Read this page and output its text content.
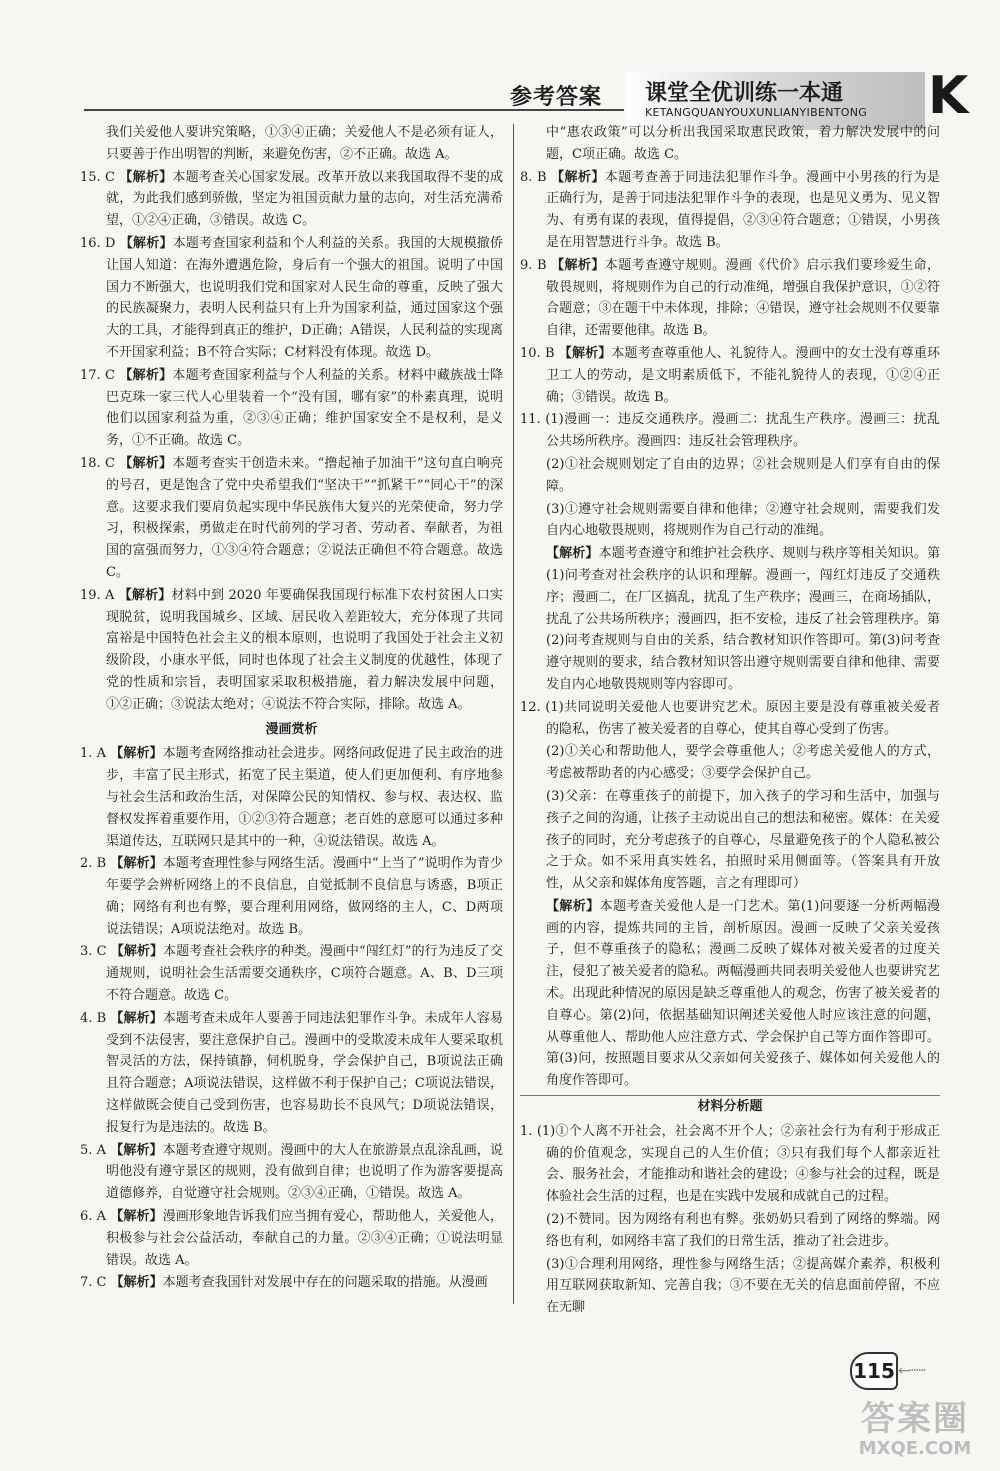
参考答案 课堂全优训练一本通
KETANGQUANYOUXUNLIANYIBENTONG K

我们关爱他人要讲究策略，①③④正确；关爱他人不是必须有证人，只要善于作出明智的判断，来避免伤害，②不正确。故选 A。

15. C 【解析】本题考查关心国家发展。改革开放以来我国取得不斐的成就，为此我们感到骄傲，坚定为祖国贡献力量的志向，对生活充满希望，①②④正确，③错误。故选 C。

16. D 【解析】本题考查国家利益和个人利益的关系。我国的大规模撤侨让国人知道：在海外遭遇危险，身后有一个强大的祖国。说明了中国国力不断强大，也说明我们党和国家对人民生命的尊重，反映了强大的民族凝聚力，表明人民利益只有上升为国家利益，通过国家这个强大的工具，才能得到真正的维护，D正确；A错误，人民利益的实现离不开国家利益；B不符合实际；C材料没有体现。故选 D。

17. C 【解析】本题考查国家利益与个人利益的关系。材料中藏族战士降巴克珠一家三代人心里装着一个“没有国，哪有家”的朴素真理，说明他们以国家利益为重，②③④正确；维护国家安全不是权利，是义务，①不正确。故选 C。

18. C 【解析】本题考查实干创造未来。“撸起袖子加油干”这句直白响亮的号召，更是饱含了党中央希望我们“坚决干”“抓紧干”“同心干”的深意。这要求我们要肩负起实现中华民族伟大复兴的光荣使命，努力学习，积极探索，勇做走在时代前列的学习者、劳动者、奉献者，为祖国的富强而努力，①③④符合题意；②说法正确但不符合题意。故选 C。

19. A 【解析】材料中到 2020 年要确保我国现行标准下农村贫困人口实现脱贫，说明我国城乡、区域、居民收入差距较大，充分体现了共同富裕是中国特色社会主义的根本原则，也说明了我国处于社会主义初级阶段，小康水平低，同时也体现了社会主义制度的优越性，体现了党的性质和宗旨，表明国家采取积极措施，着力解决发展中问题，①②正确；③说法太绝对；④说法不符合实际，排除。故选 A。

漫画赏析

1. A 【解析】本题考查网络推动社会进步。网络问政促进了民主政治的进步，丰富了民主形式，拓宽了民主渠道，使人们更加便利、有序地参与社会生活和政治生活，对保障公民的知情权、参与权、表达权、监督权发挥着重要作用，①②③符合题意；老百姓的意愿可以通过多种渠道传达，互联网只是其中的一种，④说法错误。故选 A。

2. B 【解析】本题考查理性参与网络生活。漫画中“上当了”说明作为青少年要学会辨析网络上的不良信息，自觉抵制不良信息与诱惑，B项正确；网络有利也有弊，要合理利用网络，做网络的主人，C、D两项说法错误；A项说法绝对。故选 B。

3. C 【解析】本题考查社会秩序的种类。漫画中“闯红灯”的行为违反了交通规则，说明社会生活需要交通秩序，C项符合题意。A、B、D三项不符合题意。故选 C。

4. B 【解析】本题考查未成年人要善于同违法犯罪作斗争。未成年人容易受到不法侵害，要注意保护自己。漫画中的受欺凌未成年人要采取机智灵活的方法，保持镇静，伺机脱身，学会保护自己，B项说法正确且符合题意；A项说法错误，这样做不利于保护自己；C项说法错误，这样做既会使自己受到伤害，也容易助长不良风气；D项说法错误，报复行为是违法的。故选 B。

5. A 【解析】本题考查遵守规则。漫画中的大人在旅游景点乱涂乱画，说明他没有遵守景区的规则，没有做到自律；也说明了作为游客要提高道德修养，自觉遵守社会规则。②③④正确，①错误。故选 A。

6. A 【解析】漫画形象地告诉我们应当拥有爱心，帮助他人，关爱他人，积极参与社会公益活动，奉献自己的力量。②③④正确；①说法明显错误。故选 A。

7. C 【解析】本题考查我国针对发展中存在的问题采取的措施。从漫画

中“惠农政策”可以分析出我国采取惠民政策，着力解决发展中的问题，C项正确。故选 C。

8. B 【解析】本题考查善于同违法犯罪作斗争。漫画中小男孩的行为是正确行为，是善于同违法犯罪作斗争的表现，也是见义勇为、见义智为、有勇有谋的表现，值得提倡，②③④符合题意；①错误，小男孩是在用智慧进行斗争。故选 B。

9. B 【解析】本题考查遵守规则。漫画《代价》启示我们要珍爱生命，敬畏规则，将规则作为自己的行动准绳，增强自我保护意识，①②符合题意；③在题干中未体现，排除；④错误，遵守社会规则不仅要靠自律，还需要他律。故选 B。

10. B 【解析】本题考查尊重他人、礼貌待人。漫画中的女士没有尊重环卫工人的劳动，是文明素质低下，不能礼貌待人的表现，①②④正确；③错误。故选 B。

11. (1)漫画一：违反交通秩序。漫画二：扰乱生产秩序。漫画三：扰乱公共场所秩序。漫画四：违反社会管理秩序。

(2)①社会规则划定了自由的边界；②社会规则是人们享有自由的保障。

(3)①遵守社会规则需要自律和他律；②遵守社会规则，需要我们发自内心地敬畏规则，将规则作为自己行动的准绳。

【解析】本题考查遵守和维护社会秩序、规则与秩序等相关知识。第(1)问考查对社会秩序的认识和理解。漫画一，闯红灯违反了交通秩序；漫画二，在厂区搞乱，扰乱了生产秩序；漫画三，在商场插队，扰乱了公共场所秩序；漫画四，拒不安检，违反了社会管理秩序。第(2)问考查规则与自由的关系，结合教材知识作答即可。第(3)问考查遵守规则的要求，结合教材知识答出遵守规则需要自律和他律、需要发自内心地敬畏规则等内容即可。

12. (1)共同说明关爱他人也要讲究艺术。原因主要是没有尊重被关爱者的隐私，伤害了被关爱者的自尊心，使其自尊心受到了伤害。

(2)①关心和帮助他人，要学会尊重他人；②考虑关爱他人的方式，考虑被帮助者的内心感受；③要学会保护自己。

(3)父亲：在尊重孩子的前提下，加入孩子的学习和生活中，加强与孩子之间的沟通，让孩子主动说出自己的想法和秘密。媒体：在关爱孩子的同时，充分考虑孩子的自尊心，尽量避免孩子的个人隐私被公之于众。如不采用真实姓名，拍照时采用侧面等。（答案具有开放性，从父亲和媒体角度答题，言之有理即可）

【解析】本题考查关爱他人是一门艺术。第(1)问要逐一分析两幅漫画的内容，提炼共同的主旨，剖析原因。漫画一反映了父亲关爱孩子，但不尊重孩子的隐私；漫画二反映了媒体对被关爱者的过度关注，侵犯了被关爱者的隐私。两幅漫画共同表明关爱他人也要讲究艺术。出现此种情况的原因是缺乏尊重他人的观念，伤害了被关爱者的自尊心。第(2)问，依据基础知识阐述关爱他人时应该注意的问题，从尊重他人、帮助他人应注意方式、学会保护自己等方面作答即可。第(3)问，按照题目要求从父亲如何关爱孩子、媒体如何关爱他人的角度作答即可。

材料分析题

1. (1)①个人离不开社会，社会离不开个人；②亲社会行为有利于形成正确的价值观念，实现自己的人生价值；③只有我们每个人都亲近社会、服务社会，才能推动和谐社会的建设；④参与社会的过程，既是体验社会生活的过程，也是在实践中发展和成就自己的过程。

(2)不赞同。因为网络有利也有弊。张奶奶只看到了网络的弊端。网络也有利，如网络丰富了我们的日常生活，推动了社会进步。

(3)①合理利用网络，理性参与网络生活；②提高媒介素养，积极利用互联网获取新知、完善自我；③不要在无关的信息面前停留，不应在无聊

115 ←·······
答案圈
MXQE.COM
